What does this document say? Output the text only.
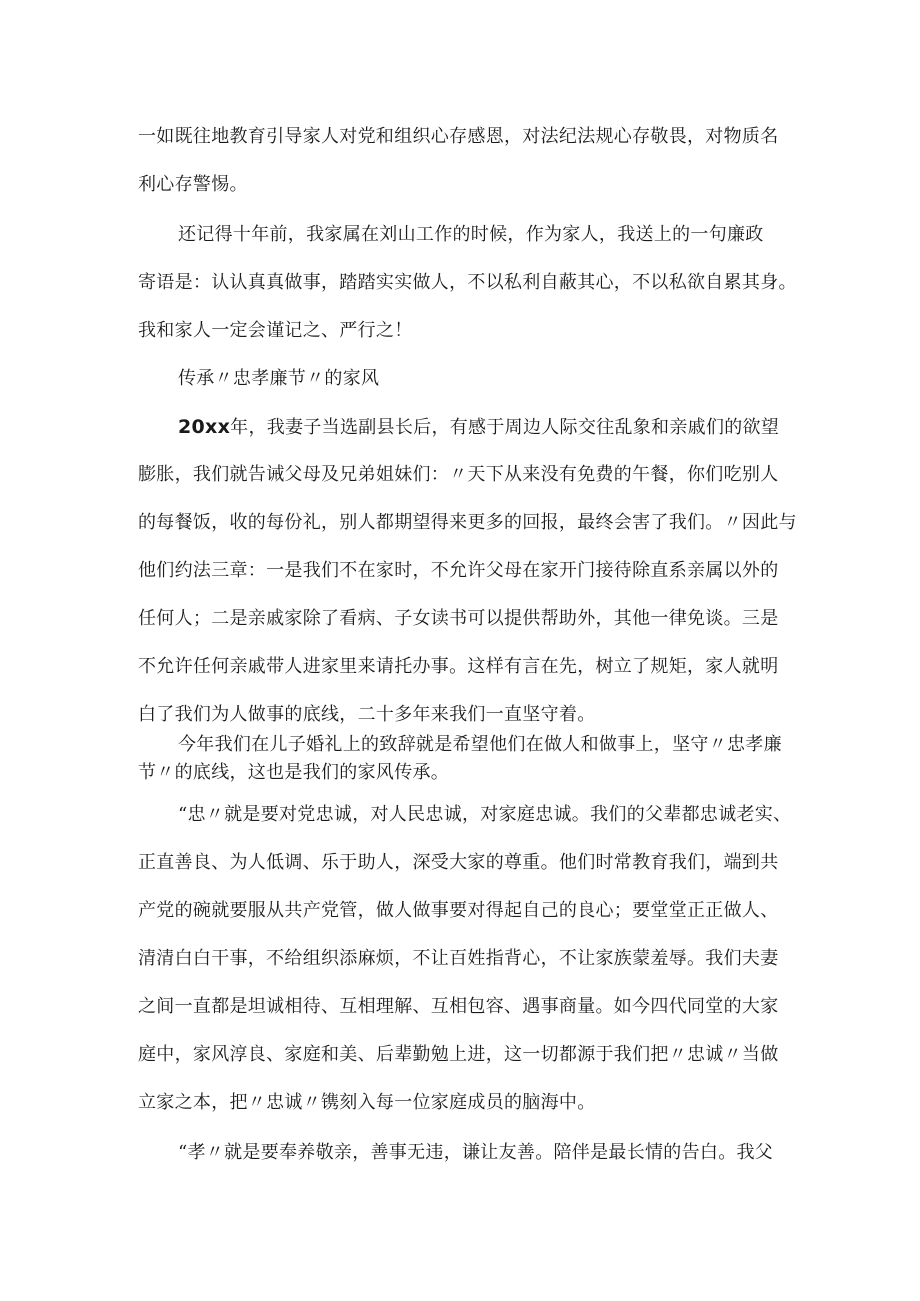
一如既往地教育引导家人对党和组织心存感恩，对法纪法规心存敬畏，对物质名
利心存警惕。
还记得十年前，我家属在刘山工作的时候，作为家人，我送上的一句廉政
寄语是：认认真真做事，踏踏实实做人，不以私利自蔽其心，不以私欲自累其身。
我和家人一定会谨记之、严行之！
传承〃忠孝廉节〃的家风
20xx年，我妻子当选副县长后，有感于周边人际交往乱象和亲戚们的欲望
膨胀，我们就告诫父母及兄弟姐妹们：〃天下从来没有免费的午餐，你们吃别人
的每餐饭，收的每份礼，别人都期望得来更多的回报，最终会害了我们。〃因此与
他们约法三章：一是我们不在家时，不允许父母在家开门接待除直系亲属以外的
任何人；二是亲戚家除了看病、子女读书可以提供帮助外，其他一律免谈。三是
不允许任何亲戚带人进家里来请托办事。这样有言在先，树立了规矩，家人就明
白了我们为人做事的底线，二十多年来我们一直坚守着。
今年我们在儿子婚礼上的致辞就是希望他们在做人和做事上，坚守〃忠孝廉
节〃的底线，这也是我们的家风传承。
“忠〃就是要对党忠诚，对人民忠诚，对家庭忠诚。我们的父辈都忠诚老实、
正直善良、为人低调、乐于助人，深受大家的尊重。他们时常教育我们，端到共
产党的碗就要服从共产党管，做人做事要对得起自己的良心；要堂堂正正做人、
清清白白干事，不给组织添麻烦，不让百姓指背心，不让家族蒙羞辱。我们夫妻
之间一直都是坦诚相待、互相理解、互相包容、遇事商量。如今四代同堂的大家
庭中，家风淳良、家庭和美、后辈勤勉上进，这一切都源于我们把〃忠诚〃当做
立家之本，把〃忠诚〃镌刻入每一位家庭成员的脑海中。
“孝〃就是要奉养敬亲，善事无违，谦让友善。陪伴是最长情的告白。我父
